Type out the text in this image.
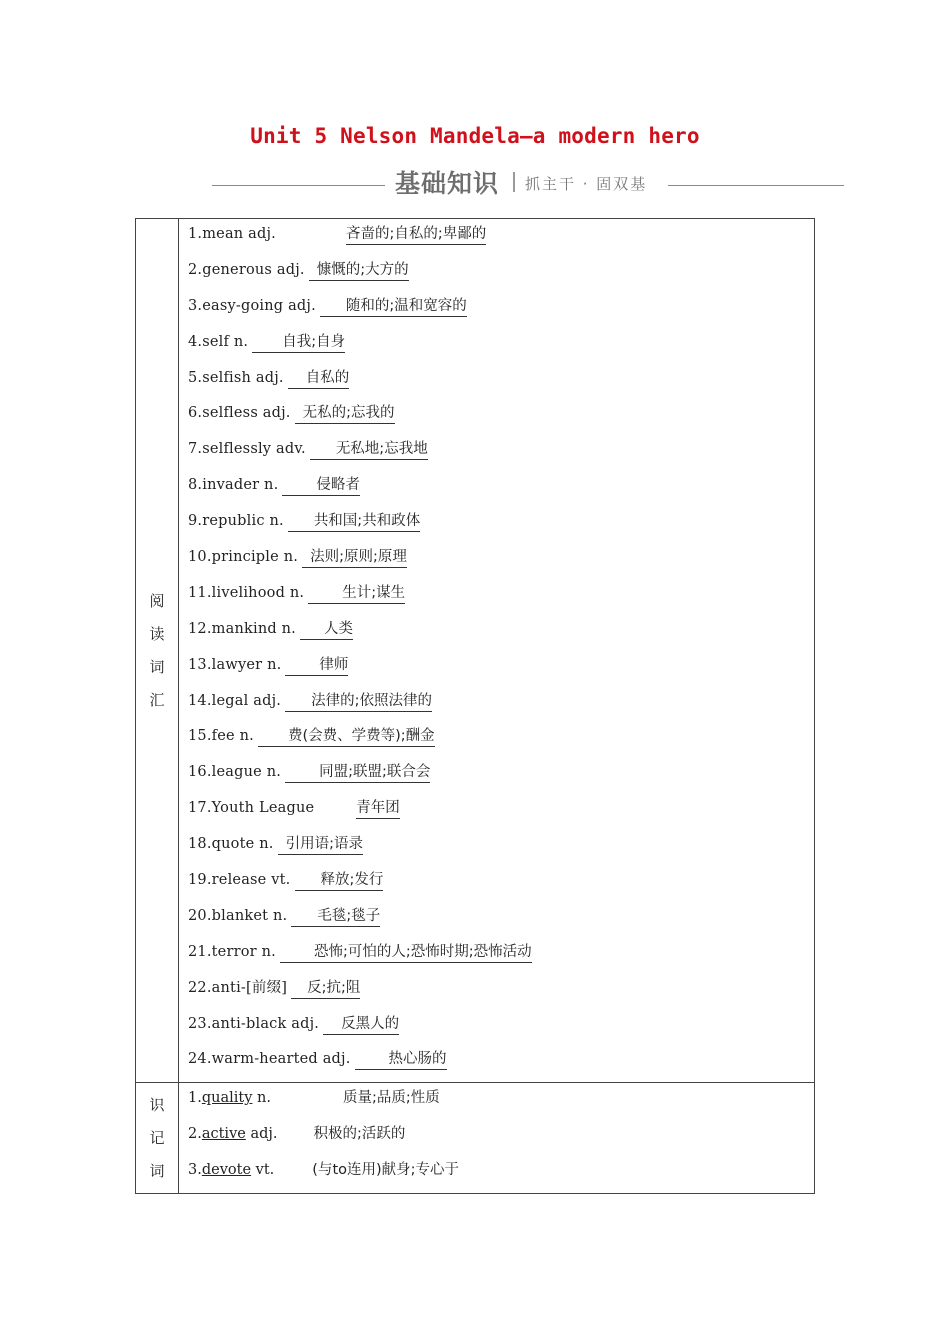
Unit 5 Nelson Mandela—a modern hero
基础知识 抓主干 · 固双基
阅
读
词
汇
1.mean adj.	吝啬的;自私的;卑鄙的
2.generous adj. 慷慨的;大方的
3.easy-going adj. 随和的;温和宽容的
4.self n. 自我;自身
5.selfish adj. 自私的
6.selfless adj. 无私的;忘我的
7.selflessly adv. 无私地;忘我地
8.invader n.	侵略者
9.republic n. 共和国;共和政体
10.principle n. 法则;原则;原理
11.livelihood n.	生计;谋生
12.mankind n. 人类
13.lawyer n.	律师
14.legal adj. 法律的;依照法律的
15.fee n. 费(会费、学费等);酬金
16.league n.	同盟;联盟;联合会
17.Youth League	青年团
18.quote n. 引用语;语录
19.release vt. 释放;发行
20.blanket n. 毛毯;毯子
21.terror n.	恐怖;可怕的人;恐怖时期;恐怖活动
22.anti-[前缀] 反;抗;阻
23.anti-black adj. 反黑人的
24.warm-hearted adj.	热心肠的
识
记
词
1.quality n.	质量;品质;性质
2.active adj. 积极的;活跃的
3.devote vt.	(与to连用)献身;专心于
